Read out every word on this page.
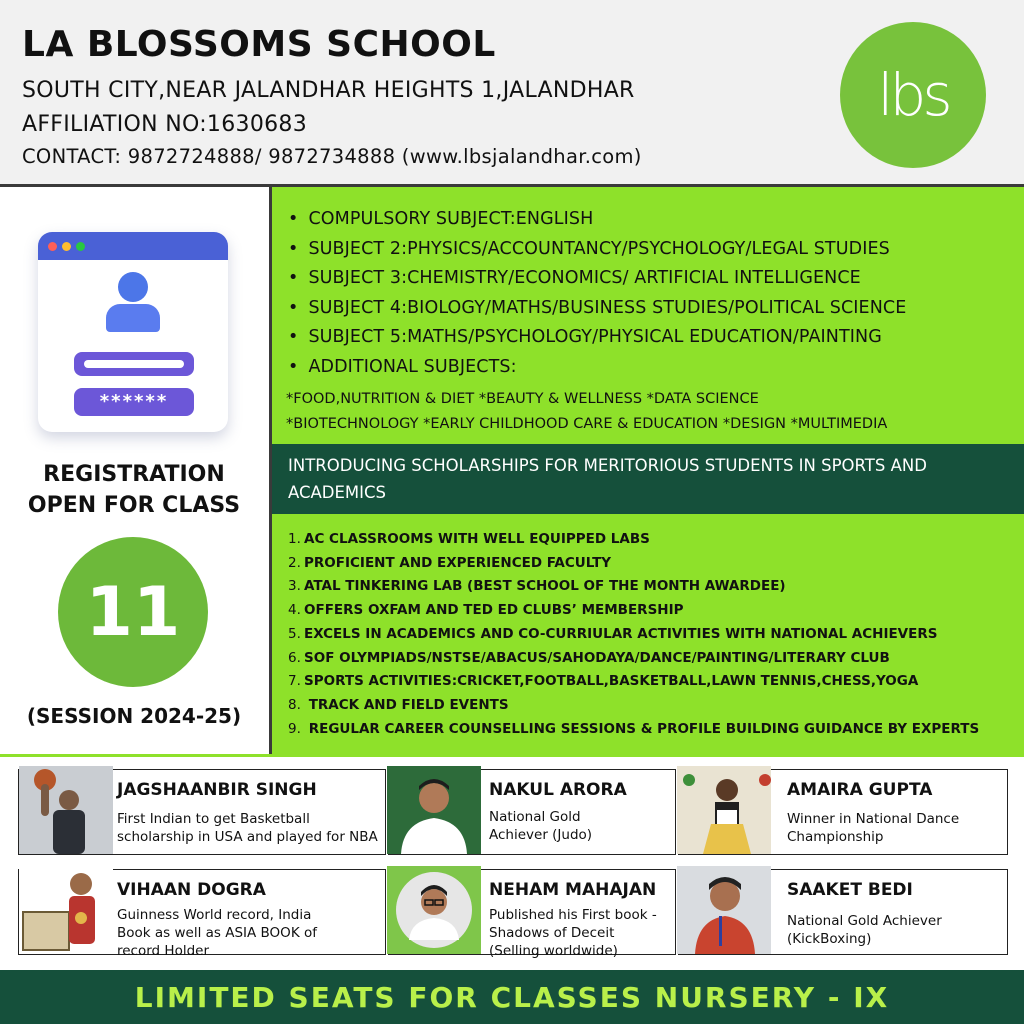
LA BLOSSOMS SCHOOL
SOUTH CITY,NEAR JALANDHAR HEIGHTS 1,JALANDHAR
AFFILIATION NO:1630683
CONTACT: 9872724888/ 9872734888 (www.lbsjalandhar.com)
lbs
******
REGISTRATION
OPEN FOR CLASS
11
(SESSION 2024-25)
• COMPULSORY SUBJECT:ENGLISH
• SUBJECT 2:PHYSICS/ACCOUNTANCY/PSYCHOLOGY/LEGAL STUDIES
• SUBJECT 3:CHEMISTRY/ECONOMICS/ ARTIFICIAL INTELLIGENCE
• SUBJECT 4:BIOLOGY/MATHS/BUSINESS STUDIES/POLITICAL SCIENCE
• SUBJECT 5:MATHS/PSYCHOLOGY/PHYSICAL EDUCATION/PAINTING
• ADDITIONAL SUBJECTS:
*FOOD,NUTRITION & DIET *BEAUTY & WELLNESS *DATA SCIENCE
*BIOTECHNOLOGY *EARLY CHILDHOOD CARE & EDUCATION *DESIGN *MULTIMEDIA
INTRODUCING SCHOLARSHIPS FOR MERITORIOUS STUDENTS IN SPORTS AND ACADEMICS
1. AC CLASSROOMS WITH WELL EQUIPPED LABS
2. PROFICIENT AND EXPERIENCED FACULTY
3. ATAL TINKERING LAB (BEST SCHOOL OF THE MONTH AWARDEE)
4. OFFERS OXFAM AND TED ED CLUBS’ MEMBERSHIP
5. EXCELS IN ACADEMICS AND CO-CURRIULAR ACTIVITIES WITH NATIONAL ACHIEVERS
6. SOF OLYMPIADS/NSTSE/ABACUS/SAHODAYA/DANCE/PAINTING/LITERARY CLUB
7. SPORTS ACTIVITIES:CRICKET,FOOTBALL,BASKETBALL,LAWN TENNIS,CHESS,YOGA
8. TRACK AND FIELD EVENTS
9. REGULAR CAREER COUNSELLING SESSIONS & PROFILE BUILDING GUIDANCE BY EXPERTS
JAGSHAANBIR SINGH
First Indian to get Basketball scholarship in USA and played for NBA
NAKUL ARORA
National Gold Achiever (Judo)
AMAIRA GUPTA
Winner in National Dance Championship
VIHAAN DOGRA
Guinness World record, India Book as well as ASIA BOOK of record Holder
NEHAM MAHAJAN
Published his First book - Shadows of Deceit (Selling worldwide)
SAAKET BEDI
National Gold Achiever (KickBoxing)
LIMITED SEATS FOR CLASSES NURSERY - IX
